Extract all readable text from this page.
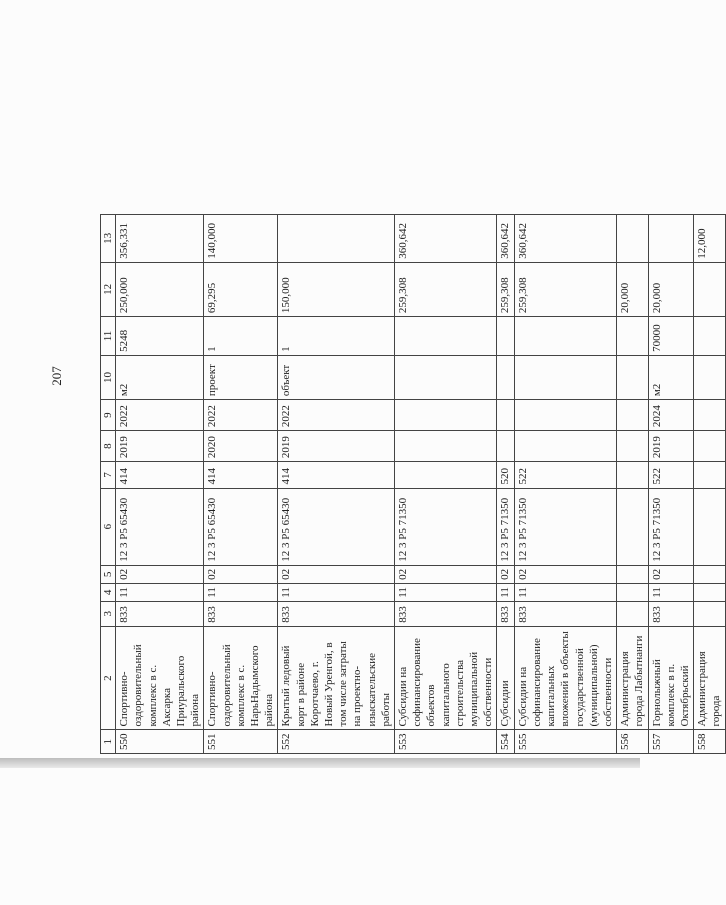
207
1	2	3	4	5	6	7	8	9	10	11	12	13
550	Спортивно-оздоровительный комплекс в с. Аксарка Приуральского района	833	11	02	12 3 P5 65430	414	2019	2022	м2	5248	250,000	356,331
551	Спортивно-оздоровительный комплекс в с. НарьНадымского района	833	11	02	12 3 P5 65430	414	2020	2022	проект	1	69,295	140,000
552	Крытый ледовый корт в районе Коротчаево, г. Новый Уренгой, в том числе затраты на проектно-изыскательские работы	833	11	02	12 3 P5 65430	414	2019	2022	объект	1	150,000	
553	Субсидии на софинансирование объектов капитального строительства муниципальной собственности	833	11	02	12 3 P5 71350						259,308	360,642
554	Субсидии	833	11	02	12 3 P5 71350	520					259,308	360,642
555	Субсидии на софинансирование капитальных вложений в объекты государственной (муниципальной) собственности	833	11	02	12 3 P5 71350	522					259,308	360,642
556	Администрация города Лабытнанги										20,000	
557	Горнолыжный комплекс в п. Октябрьский	833	11	02	12 3 P5 71350	522	2019	2024	м2	70000	20,000	
558	Администрация города											12,000
